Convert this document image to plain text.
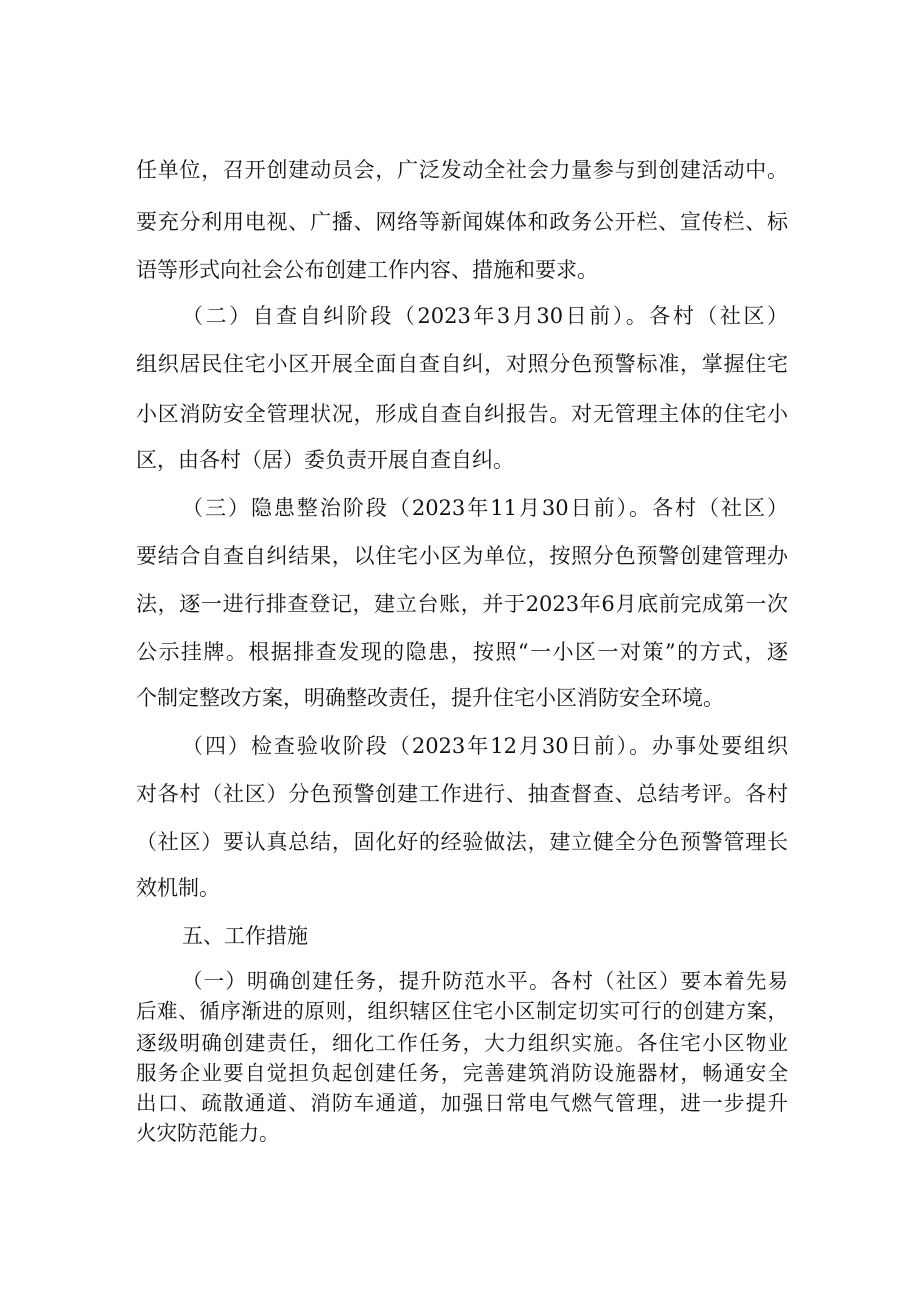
任单位，召开创建动员会，广泛发动全社会力量参与到创建活动中。
要充分利用电视、广播、网络等新闻媒体和政务公开栏、宣传栏、标
语等形式向社会公布创建工作内容、措施和要求。
（二）自查自纠阶段（2023年3月30日前）。各村（社区）
组织居民住宅小区开展全面自查自纠，对照分色预警标准，掌握住宅
小区消防安全管理状况，形成自查自纠报告。对无管理主体的住宅小
区，由各村（居）委负责开展自查自纠。
（三）隐患整治阶段（2023年11月30日前）。各村（社区）
要结合自查自纠结果，以住宅小区为单位，按照分色预警创建管理办
法，逐一进行排查登记，建立台账，并于2023年6月底前完成第一次
公示挂牌。根据排查发现的隐患，按照“一小区一对策”的方式，逐
个制定整改方案，明确整改责任，提升住宅小区消防安全环境。
（四）检查验收阶段（2023年12月30日前）。办事处要组织
对各村（社区）分色预警创建工作进行、抽查督查、总结考评。各村
（社区）要认真总结，固化好的经验做法，建立健全分色预警管理长
效机制。
五、工作措施
（一）明确创建任务，提升防范水平。各村（社区）要本着先易
后难、循序渐进的原则，组织辖区住宅小区制定切实可行的创建方案，
逐级明确创建责任，细化工作任务，大力组织实施。各住宅小区物业
服务企业要自觉担负起创建任务，完善建筑消防设施器材，畅通安全
出口、疏散通道、消防车通道，加强日常电气燃气管理，进一步提升
火灾防范能力。
